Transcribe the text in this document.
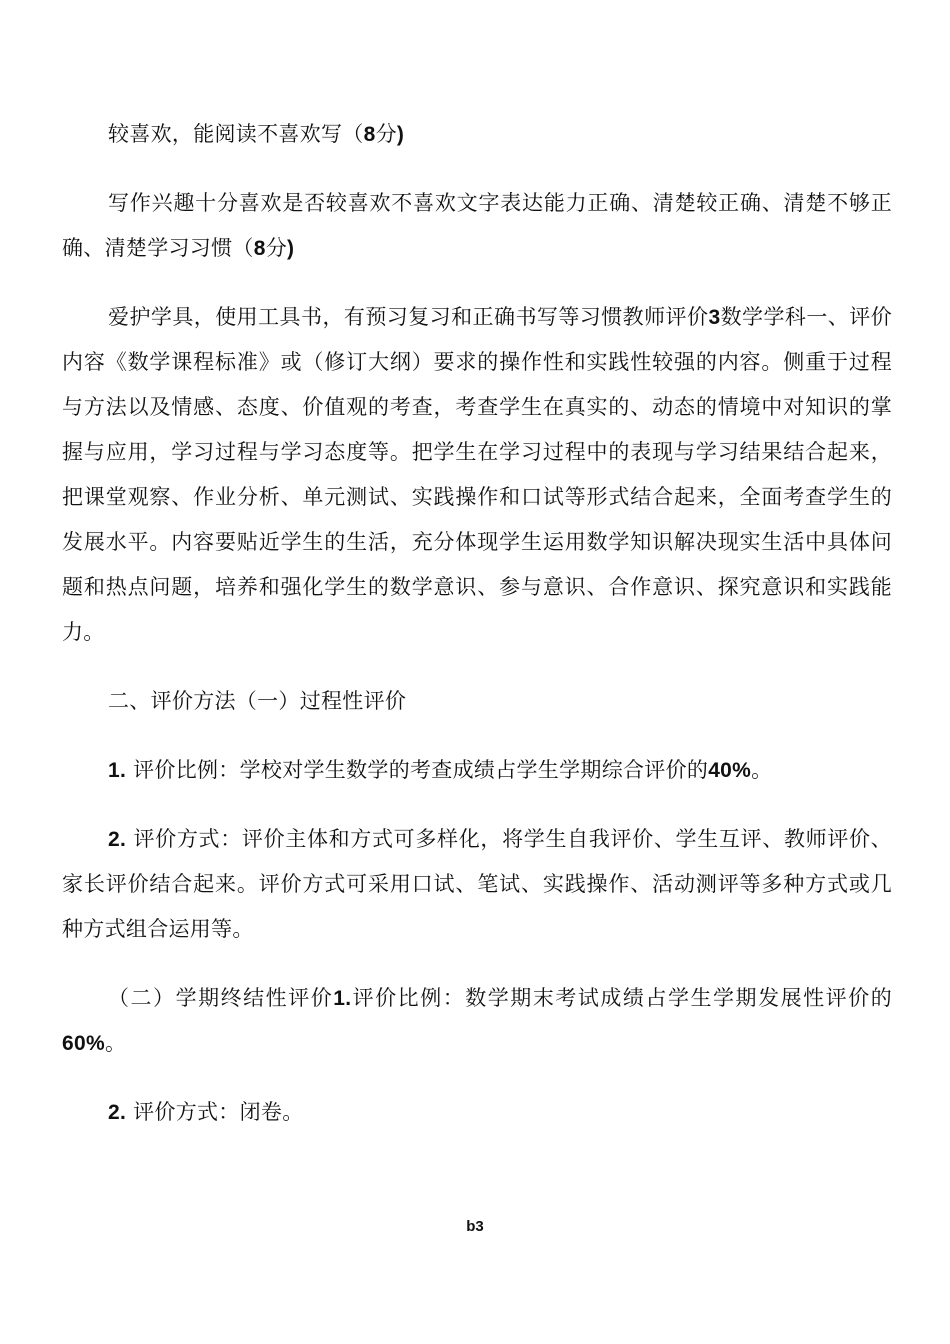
较喜欢，能阅读不喜欢写（8分)

写作兴趣十分喜欢是否较喜欢不喜欢文字表达能力正确、清楚较正确、清楚不够正确、清楚学习习惯（8分)

爱护学具，使用工具书，有预习复习和正确书写等习惯教师评价3数学学科一、评价内容《数学课程标准》或（修订大纲）要求的操作性和实践性较强的内容。侧重于过程与方法以及情感、态度、价值观的考查，考查学生在真实的、动态的情境中对知识的掌握与应用，学习过程与学习态度等。把学生在学习过程中的表现与学习结果结合起来，把课堂观察、作业分析、单元测试、实践操作和口试等形式结合起来，全面考查学生的发展水平。内容要贴近学生的生活，充分体现学生运用数学知识解决现实生活中具体问题和热点问题，培养和强化学生的数学意识、参与意识、合作意识、探究意识和实践能力。

二、评价方法（一）过程性评价

1. 评价比例：学校对学生数学的考查成绩占学生学期综合评价的40%。

2. 评价方式：评价主体和方式可多样化，将学生自我评价、学生互评、教师评价、家长评价结合起来。评价方式可采用口试、笔试、实践操作、活动测评等多种方式或几种方式组合运用等。

（二）学期终结性评价1.评价比例：数学期末考试成绩占学生学期发展性评价的60%。

2. 评价方式：闭卷。

b3
